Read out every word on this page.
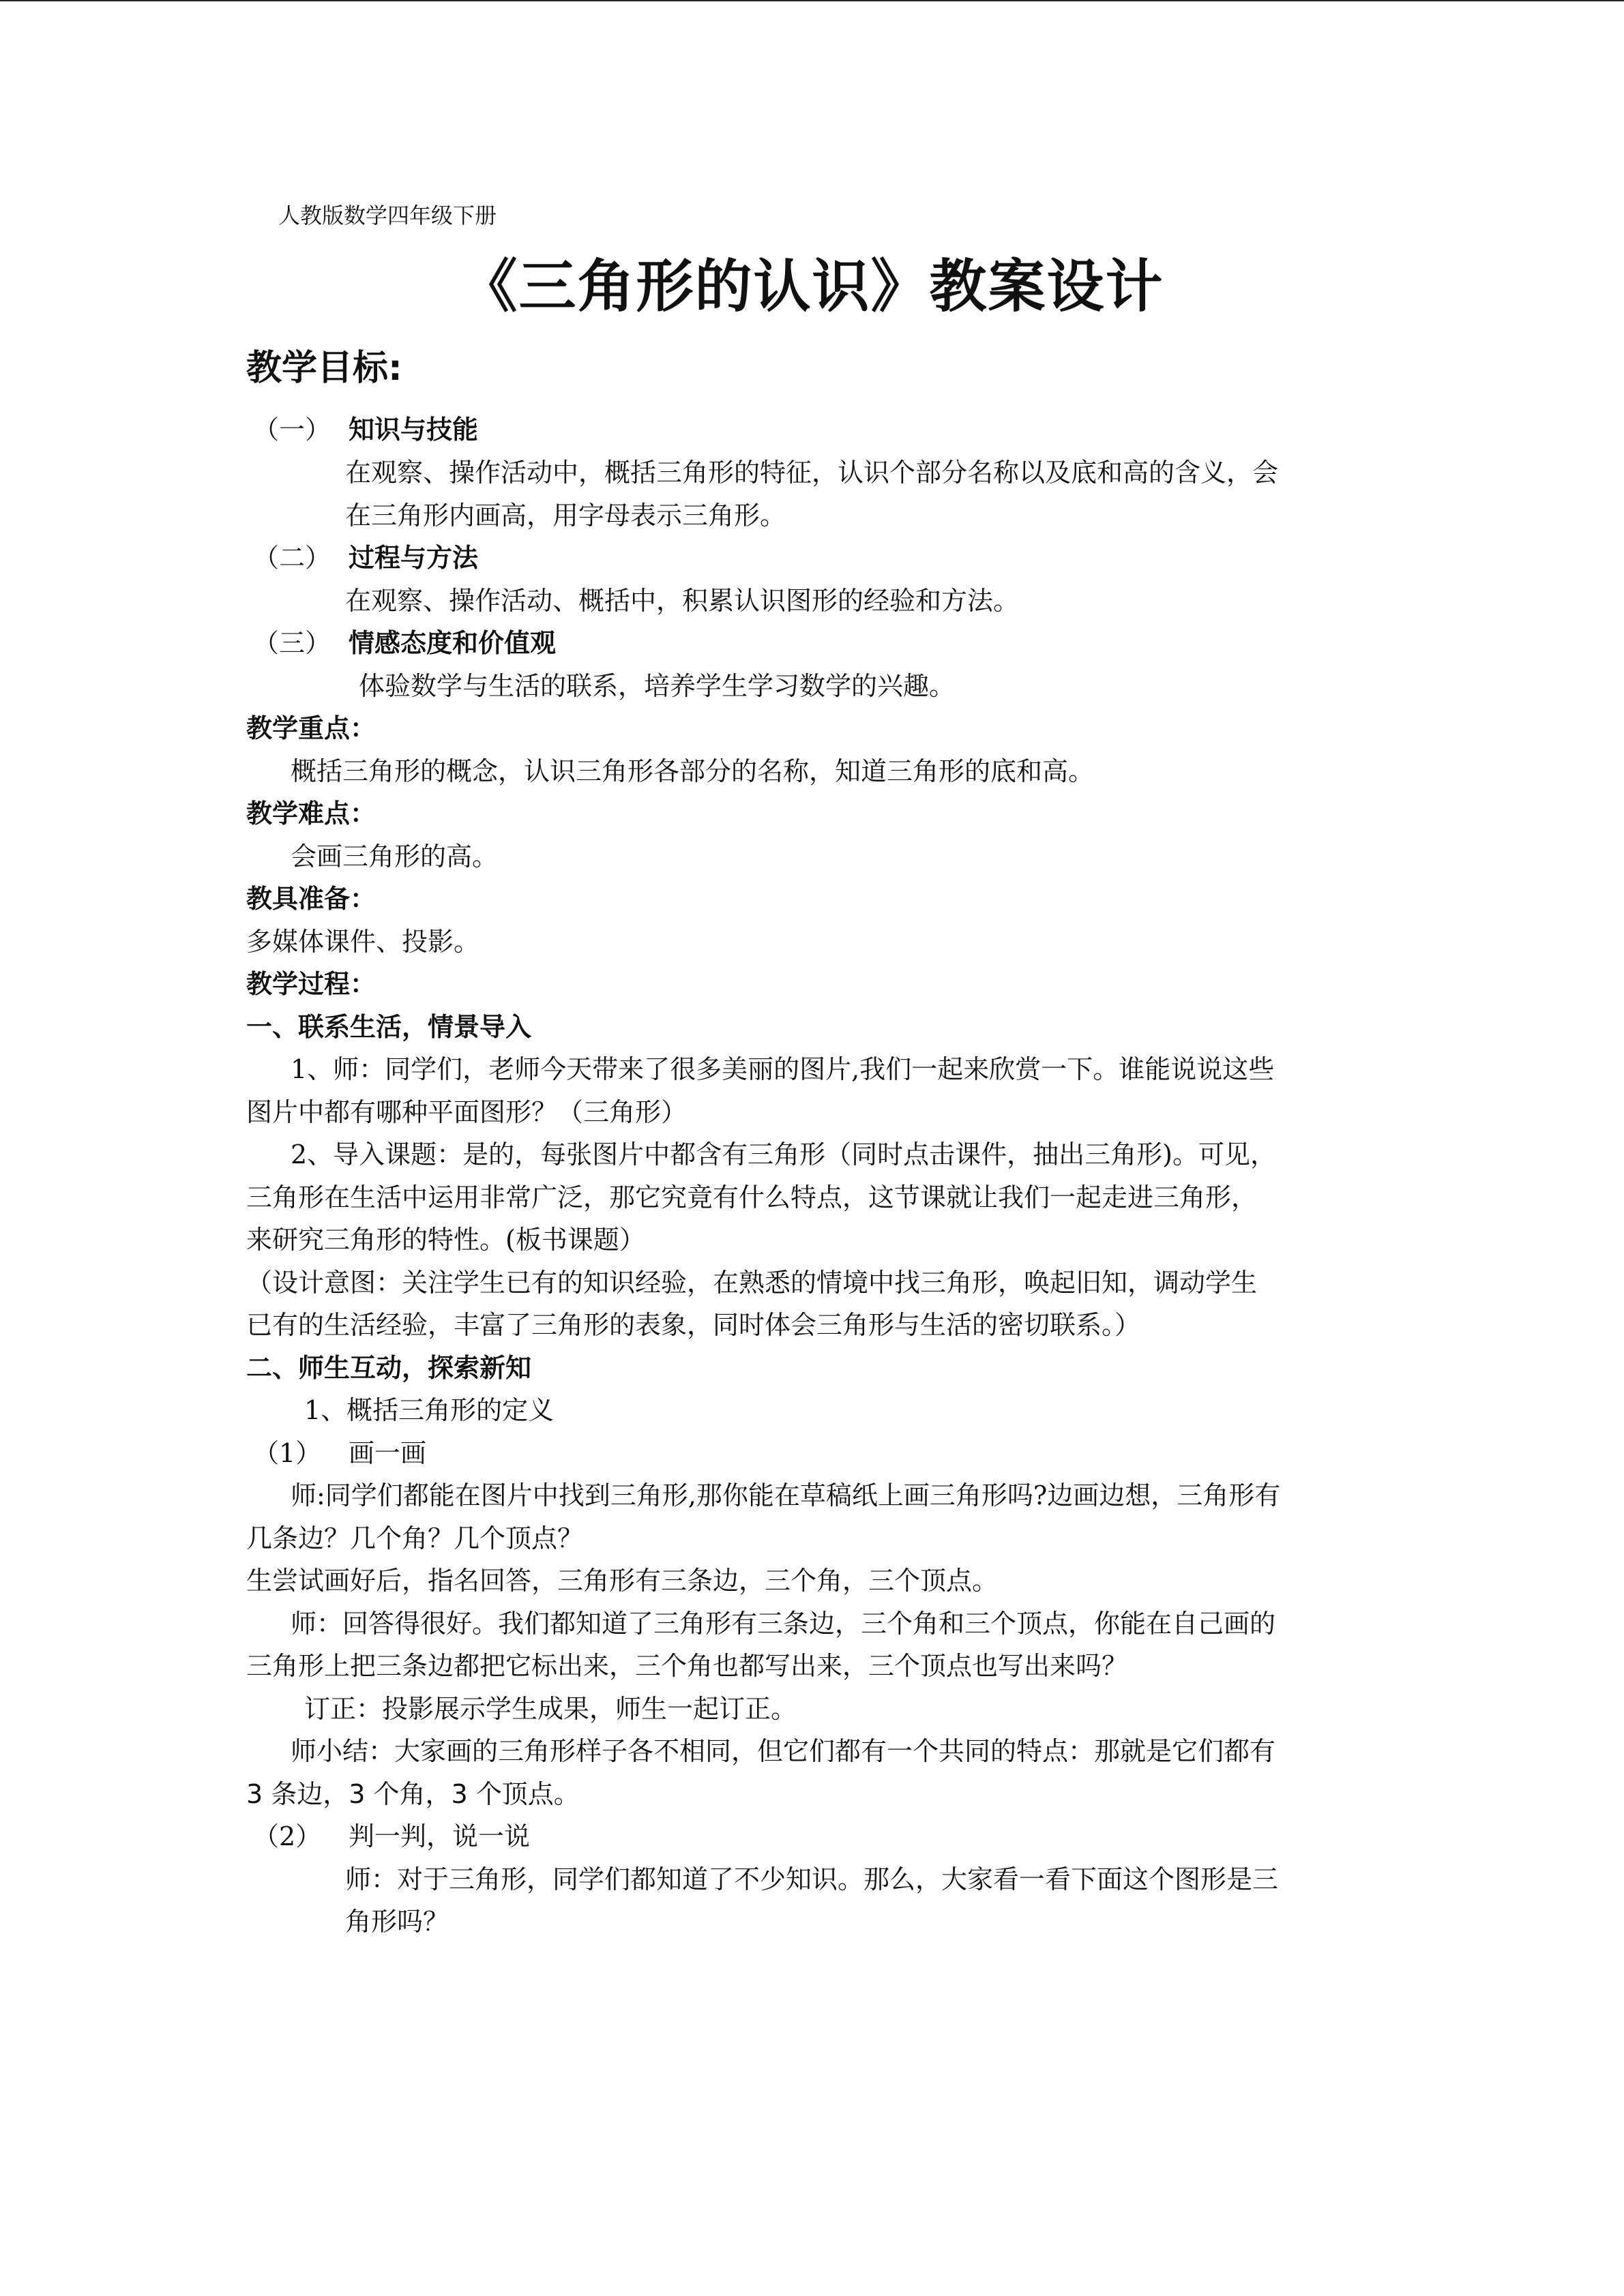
人教版数学四年级下册
《三角形的认识》教案设计
教学目标:
（一） 知识与技能
在观察、操作活动中，概括三角形的特征，认识个部分名称以及底和高的含义，会
在三角形内画高，用字母表示三角形。
（二） 过程与方法
在观察、操作活动、概括中，积累认识图形的经验和方法。
（三） 情感态度和价值观
体验数学与生活的联系，培养学生学习数学的兴趣。
教学重点：
概括三角形的概念，认识三角形各部分的名称，知道三角形的底和高。
教学难点：
会画三角形的高。
教具准备：
多媒体课件、投影。
教学过程：
一、联系生活，情景导入
1、师：同学们，老师今天带来了很多美丽的图片,我们一起来欣赏一下。谁能说说这些
图片中都有哪种平面图形？（三角形）
2、导入课题：是的，每张图片中都含有三角形（同时点击课件，抽出三角形)。可见，
三角形在生活中运用非常广泛，那它究竟有什么特点，这节课就让我们一起走进三角形，
来研究三角形的特性。(板书课题）
（设计意图：关注学生已有的知识经验，在熟悉的情境中找三角形，唤起旧知，调动学生
已有的生活经验，丰富了三角形的表象，同时体会三角形与生活的密切联系。）
二、师生互动，探索新知
1、概括三角形的定义
（1） 画一画
师:同学们都能在图片中找到三角形,那你能在草稿纸上画三角形吗?边画边想，三角形有
几条边？几个角？几个顶点？
生尝试画好后，指名回答，三角形有三条边，三个角，三个顶点。
师：回答得很好。我们都知道了三角形有三条边，三个角和三个顶点，你能在自己画的
三角形上把三条边都把它标出来，三个角也都写出来，三个顶点也写出来吗？
订正：投影展示学生成果，师生一起订正。
师小结：大家画的三角形样子各不相同，但它们都有一个共同的特点：那就是它们都有
3 条边，3 个角，3 个顶点。
（2） 判一判，说一说
师：对于三角形，同学们都知道了不少知识。那么，大家看一看下面这个图形是三
角形吗？
